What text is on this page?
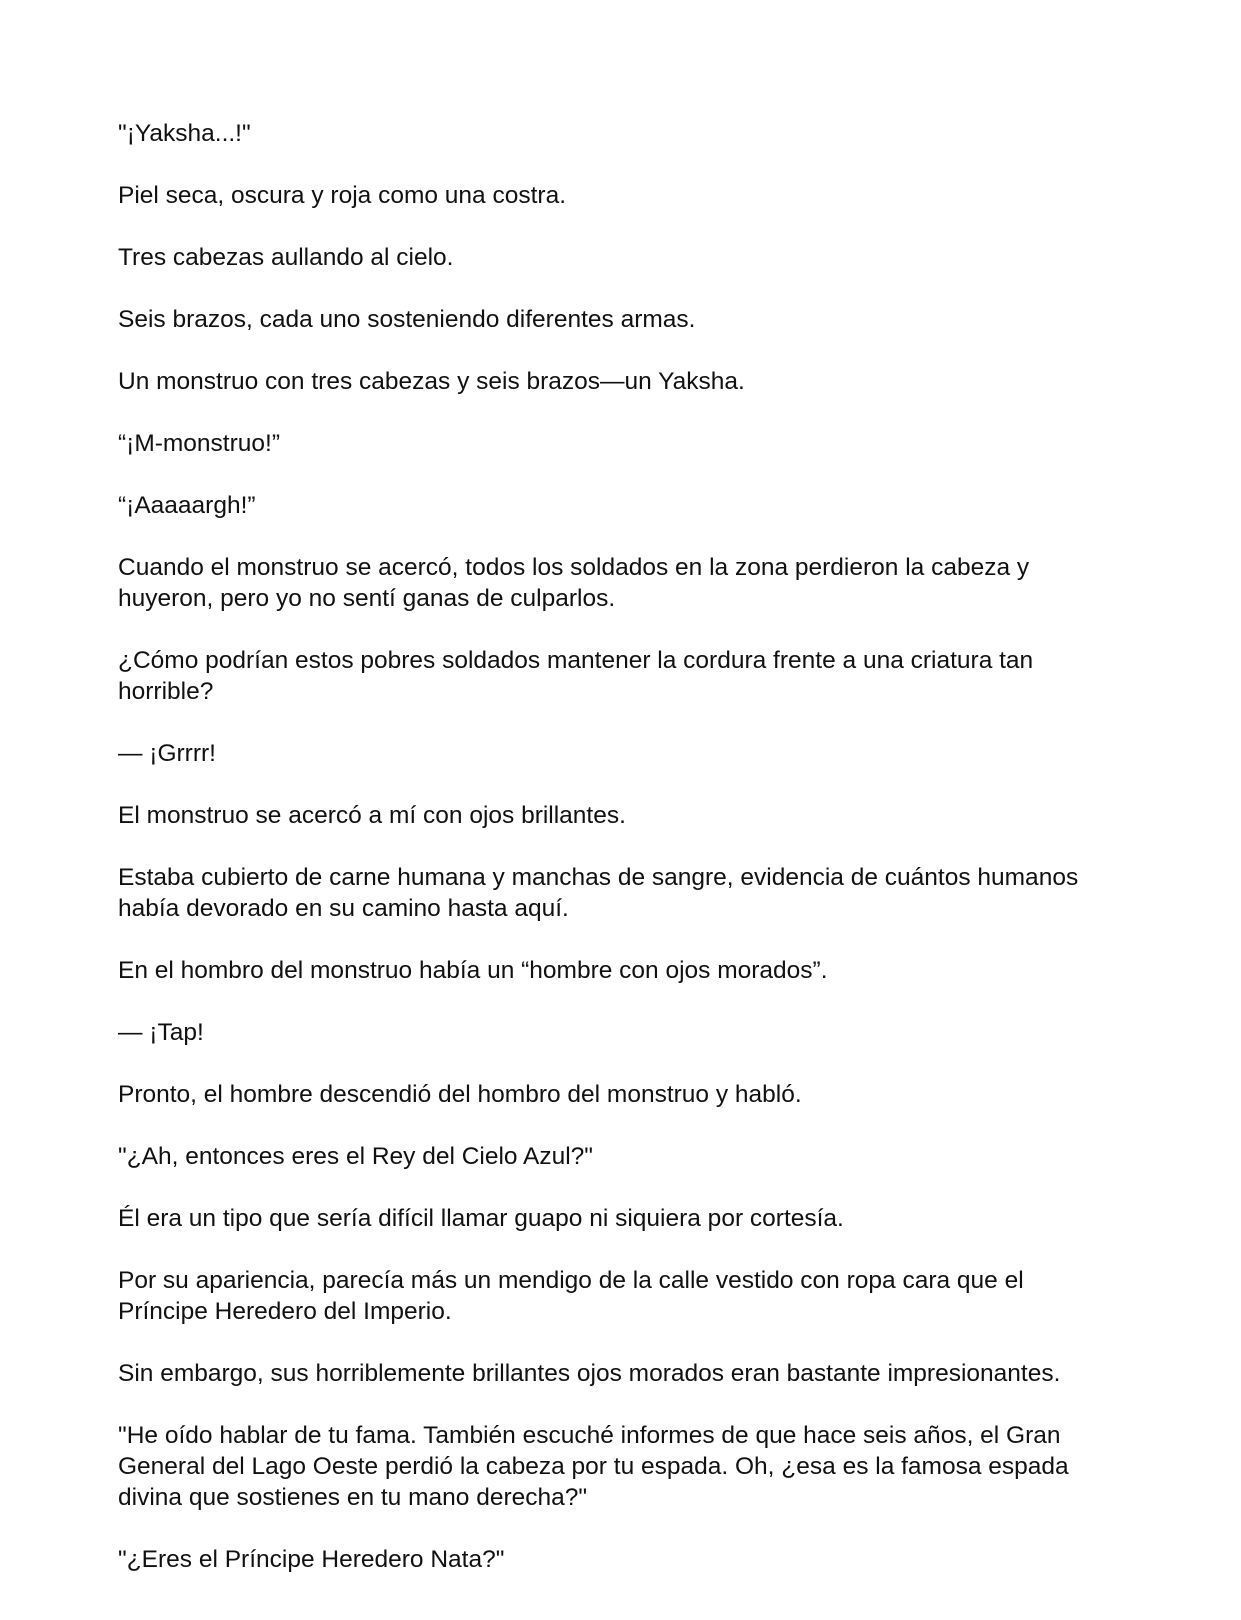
"¡Yaksha...!"

Piel seca, oscura y roja como una costra.

Tres cabezas aullando al cielo.

Seis brazos, cada uno sosteniendo diferentes armas.

Un monstruo con tres cabezas y seis brazos—un Yaksha.

“¡M-monstruo!”

“¡Aaaaargh!”

Cuando el monstruo se acercó, todos los soldados en la zona perdieron la cabeza y huyeron, pero yo no sentí ganas de culparlos.

¿Cómo podrían estos pobres soldados mantener la cordura frente a una criatura tan horrible?

— ¡Grrrr!

El monstruo se acercó a mí con ojos brillantes.

Estaba cubierto de carne humana y manchas de sangre, evidencia de cuántos humanos había devorado en su camino hasta aquí.

En el hombro del monstruo había un “hombre con ojos morados”.

— ¡Tap!

Pronto, el hombre descendió del hombro del monstruo y habló.

"¿Ah, entonces eres el Rey del Cielo Azul?"

Él era un tipo que sería difícil llamar guapo ni siquiera por cortesía.

Por su apariencia, parecía más un mendigo de la calle vestido con ropa cara que el Príncipe Heredero del Imperio.

Sin embargo, sus horriblemente brillantes ojos morados eran bastante impresionantes.

"He oído hablar de tu fama. También escuché informes de que hace seis años, el Gran General del Lago Oeste perdió la cabeza por tu espada. Oh, ¿esa es la famosa espada divina que sostienes en tu mano derecha?"

"¿Eres el Príncipe Heredero Nata?"
